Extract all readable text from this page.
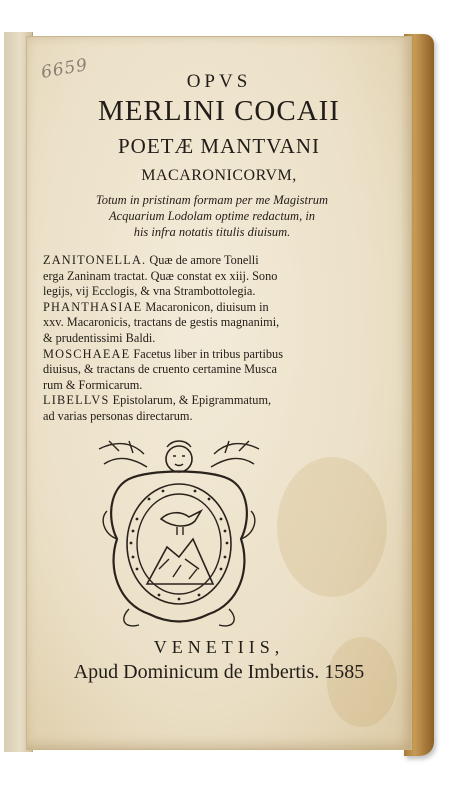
6659	OPVS
MERLINI COCAII
POETÆ MANTVANI
MACARONICORVM,
Totum in pristinam formam per me Magistrum
Acquarium Lodolam optime redactum, in
his infra notatis titulis diuisum.

ZANITONELLA. Quæ de amore Tonelli
erga Zaninam tractat. Quæ constat ex xiij. Sono
legijs, vij Ecclogis, & vna Strambottolegia.

PHANTHASIAE Macaronicon, diuisum in
xxv. Macaronicis, tractans de gestis magnanimi,
& prudentissimi Baldi.

MOSCHAEAE Facetus liber in tribus partibus
diuisus, & tractans de cruento certamine Musca
rum & Formicarum.

LIBELLVS Epistolarum, & Epigrammatum,
ad varias personas directarum.

VENETIIS,
Apud Dominicum de Imbertis. 1585
